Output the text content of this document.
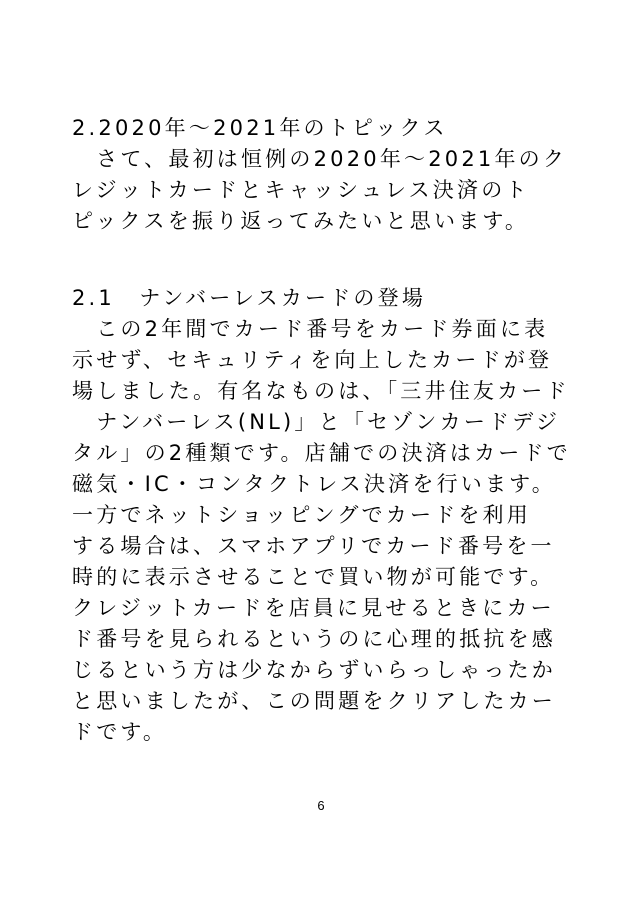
2.2020年～2021年のトピックス
　さて、最初は恒例の2020年～2021年のク
レジットカードとキャッシュレス決済のト
ピックスを振り返ってみたいと思います。
2.1　ナンバーレスカードの登場
　この2年間でカード番号をカード券面に表
示せず、セキュリティを向上したカードが登
場しました。有名なものは、「三井住友カード
　ナンバーレス(NL)」と「セゾンカードデジ
タル」の2種類です。店舗での決済はカードで
磁気・IC・コンタクトレス決済を行います。
一方でネットショッピングでカードを利用
する場合は、スマホアプリでカード番号を一
時的に表示させることで買い物が可能です。
クレジットカードを店員に見せるときにカー
ド番号を見られるというのに心理的抵抗を感
じるという方は少なからずいらっしゃったか
と思いましたが、この問題をクリアしたカー
ドです。
6
